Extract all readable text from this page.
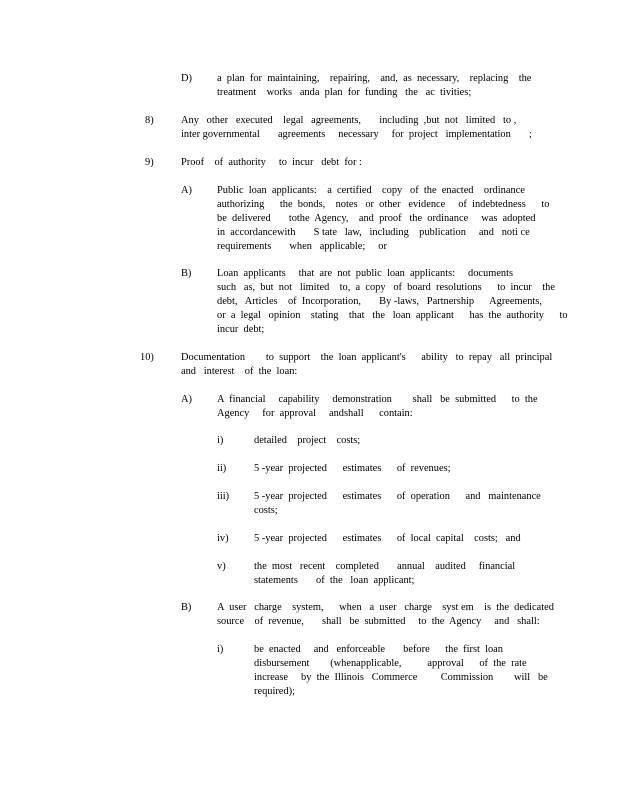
D) a  plan  for  maintaining,    repairing,    and,  as  necessary,    replacing    the
treatment    works   anda  plan  for  funding   the   ac  tivities;
8)	Any   other   executed    legal   agreements,       including  ,but  not   limited   to ,
inter governmental       agreements     necessary     for  project   implementation       ;
9)	Proof    of  authority     to  incur   debt  for :
A) Public  loan  applicants:    a  certified    copy   of  the  enacted    ordinance
authorizing      the  bonds,    notes   or  other   evidence     of  indebtedness      to
be  delivered       tothe  Agency,    and  proof   the  ordinance     was  adopted
in  accordancewith       S tate   law,   including    publication     and   noti ce
requirements       when   applicable;     or
B) Loan  applicants     that  are  not  public  loan  applicants:     documents
such   as,  but  not   limited    to,  a  copy   of  board  resolutions      to  incur    the
debt,   Articles    of  Incorporation,       By -laws,   Partnership      Agreements,
or  a  legal   opinion    stating    that   the   loan  applicant      has  the  authority      to
incur  debt;
10)	Documentation        to  support    the  loan  applicant's      ability   to  repay   all  principal
and   interest    of  the  loan:
A) A  financial     capability     demonstration        shall   be  submitted      to  the
Agency     for  approval     andshall      contain:
i)	detailed    project    costs;
ii)	5 -year  projected      estimates      of  revenues;
iii) 5 -year  projected      estimates      of  operation      and   maintenance
costs;
iv) 5 -year  projected      estimates      of  local  capital    costs;   and
v)	the  most   recent    completed       annual    audited     financial
statements       of  the   loan  applicant;
B) A  user   charge    system,      when   a  user   charge    syst em    is  the  dedicated
source    of  revenue,       shall   be  submitted     to  the  Agency     and   shall:
i)	be  enacted     and   enforceable       before      the  first  loan
disbursement        (whenapplicable,          approval      of  the  rate
increase     by  the  Illinois   Commerce         Commission        will   be
required);
